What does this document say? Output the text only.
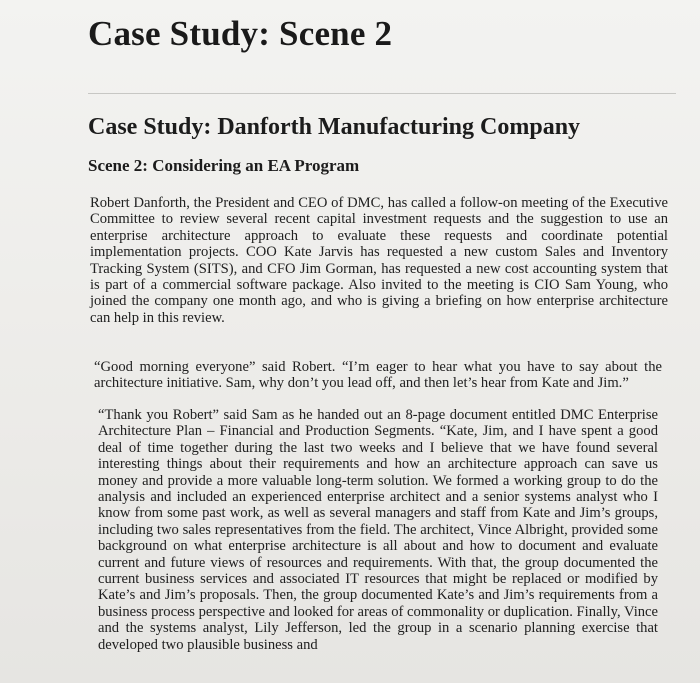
Case Study: Scene 2
Case Study: Danforth Manufacturing Company
Scene 2: Considering an EA Program

Robert Danforth, the President and CEO of DMC, has called a follow-on meeting of the Executive Committee to review several recent capital investment requests and the suggestion to use an enterprise architecture approach to evaluate these requests and coordinate potential implementation projects. COO Kate Jarvis has requested a new custom Sales and Inventory Tracking System (SITS), and CFO Jim Gorman, has requested a new cost accounting system that is part of a commercial software package. Also invited to the meeting is CIO Sam Young, who joined the company one month ago, and who is giving a briefing on how enterprise architecture can help in this review.

“Good morning everyone” said Robert. “I’m eager to hear what you have to say about the architecture initiative. Sam, why don’t you lead off, and then let’s hear from Kate and Jim.”

“Thank you Robert” said Sam as he handed out an 8-page document entitled DMC Enterprise Architecture Plan – Financial and Production Segments. “Kate, Jim, and I have spent a good deal of time together during the last two weeks and I believe that we have found several interesting things about their requirements and how an architecture approach can save us money and provide a more valuable long-term solution. We formed a working group to do the analysis and included an experienced enterprise architect and a senior systems analyst who I know from some past work, as well as several managers and staff from Kate and Jim’s groups, including two sales representatives from the field. The architect, Vince Albright, provided some background on what enterprise architecture is all about and how to document and evaluate current and future views of resources and requirements. With that, the group documented the current business services and associated IT resources that might be replaced or modified by Kate’s and Jim’s proposals. Then, the group documented Kate’s and Jim’s requirements from a business process perspective and looked for areas of commonality or duplication. Finally, Vince and the systems analyst, Lily Jefferson, led the group in a scenario planning exercise that developed two plausible business and
